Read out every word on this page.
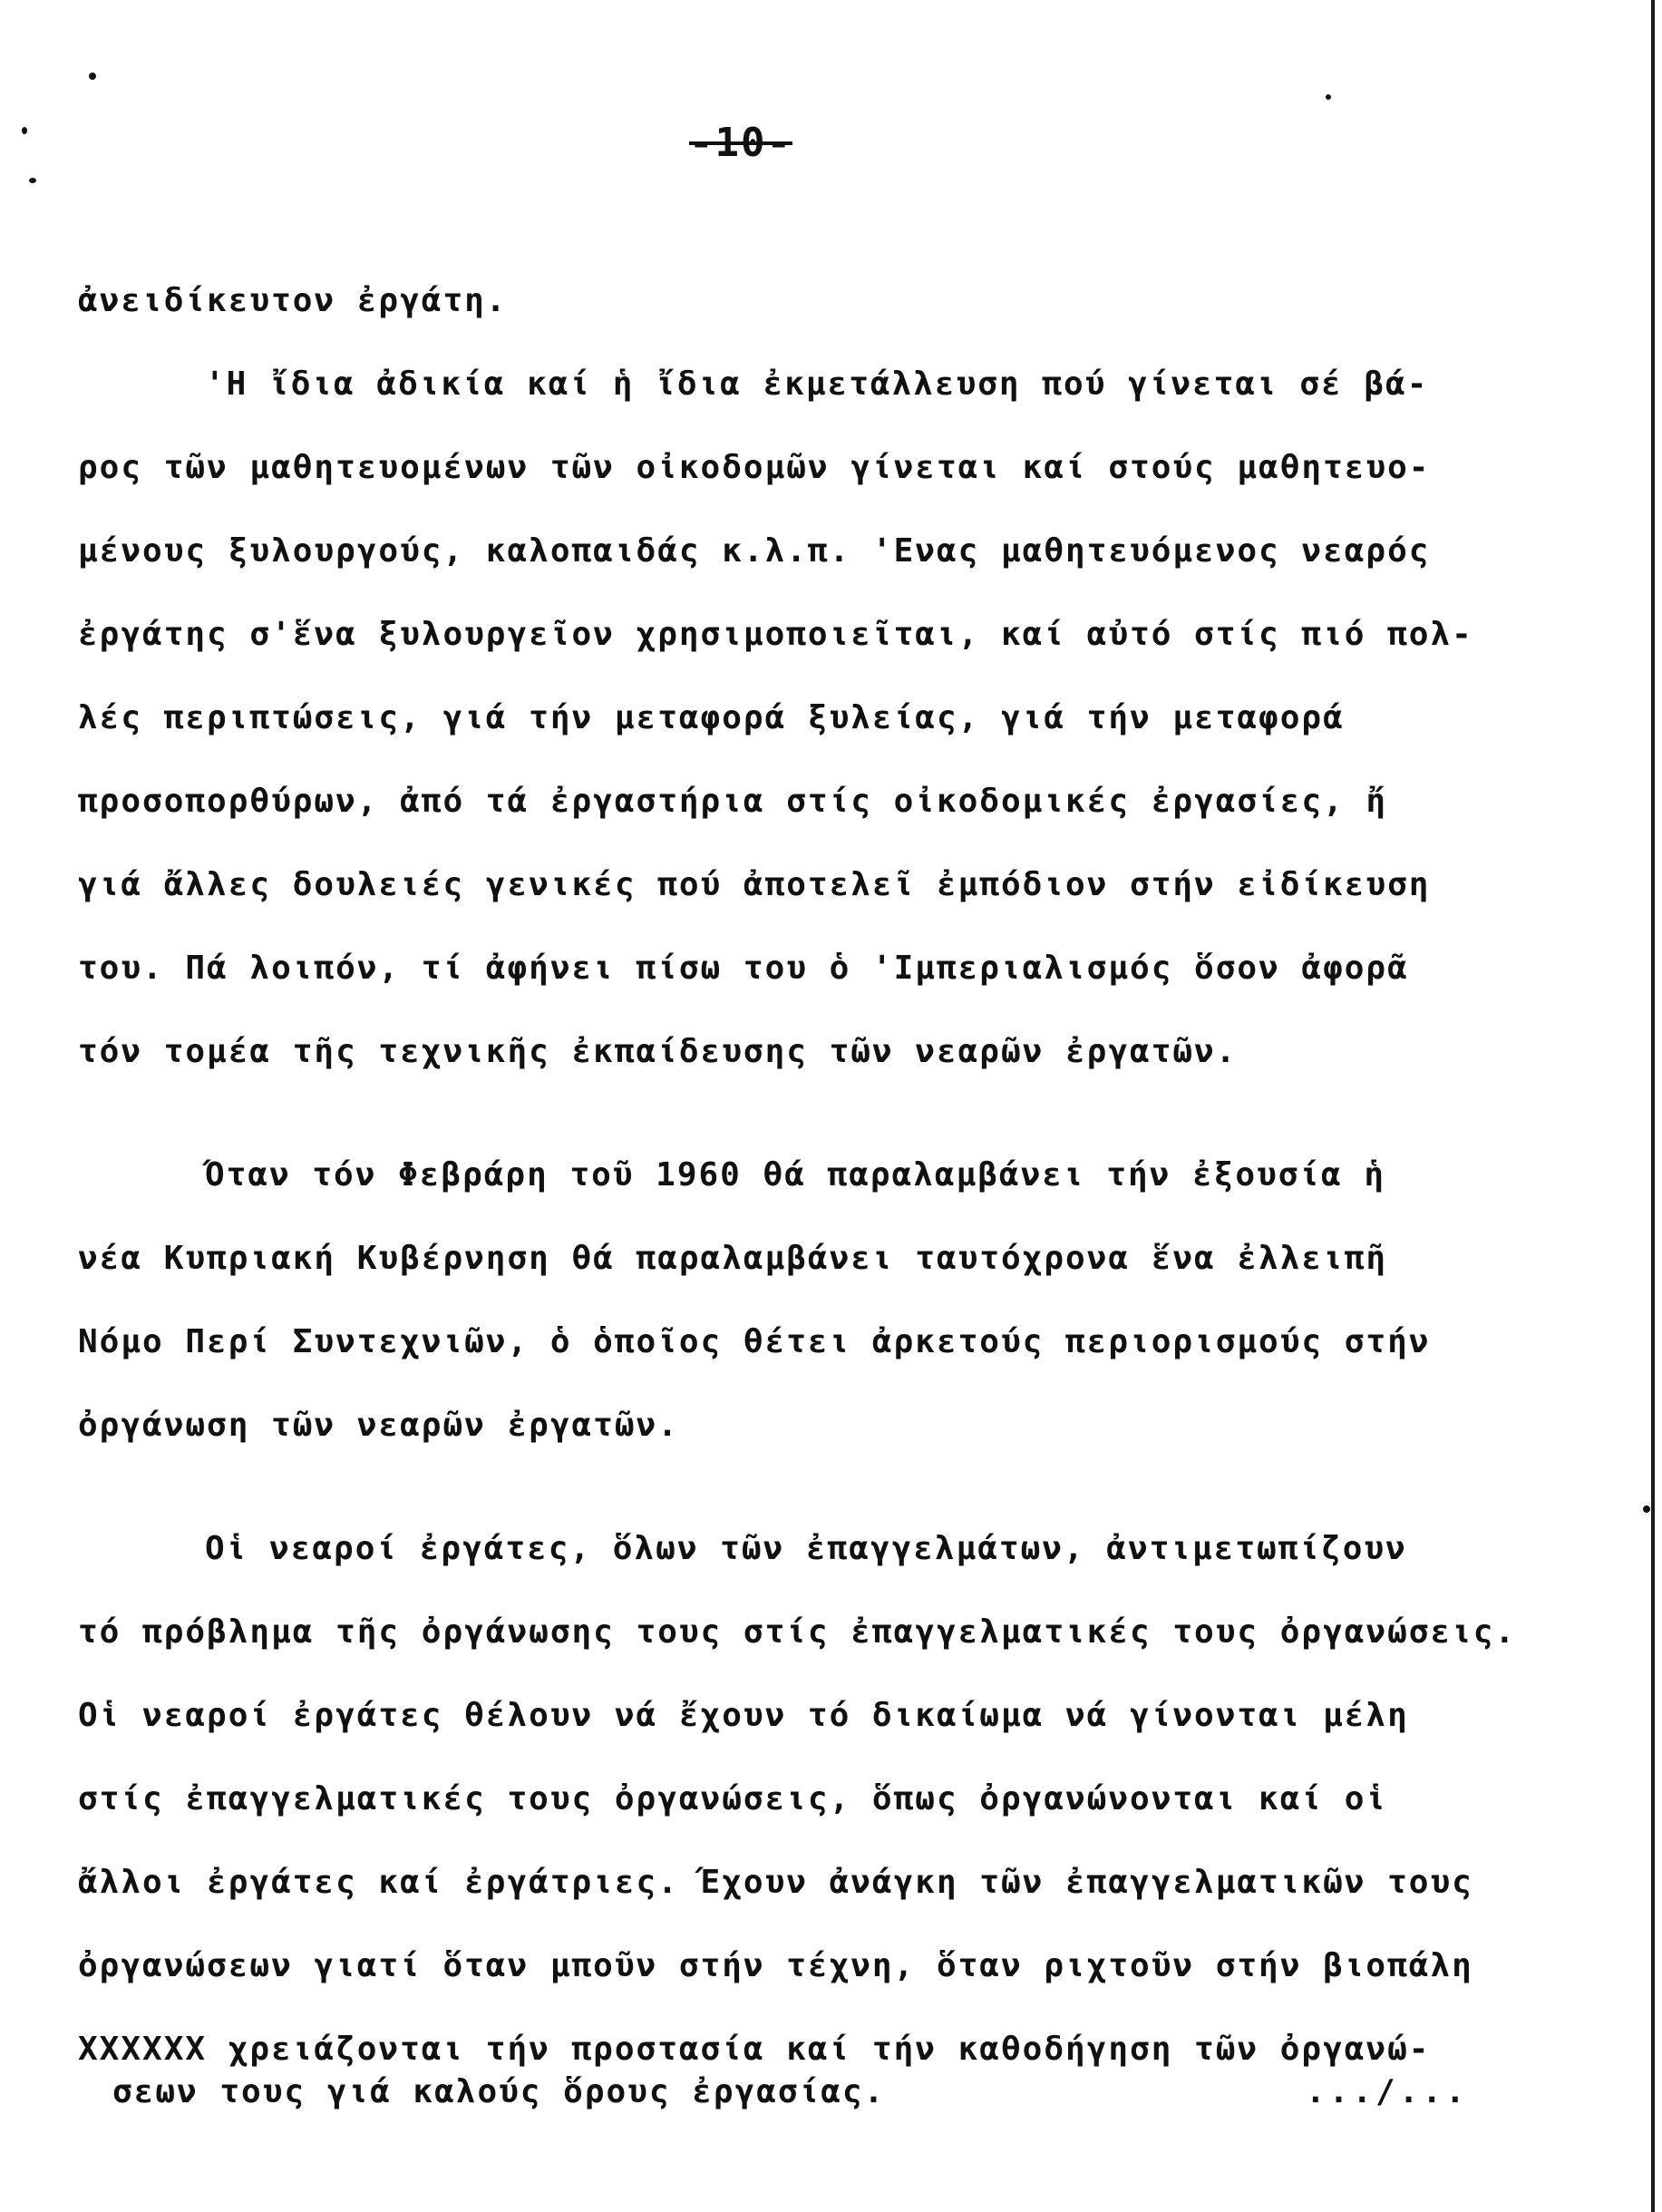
-10-
ἀνειδίκευτον ἐργάτη.
'Η ἴδια ἀδικία καί ἡ ἴδια ἐκμετάλλευση πού γίνεται σέ βά-
ρος τῶν μαθητευομένων τῶν οἰκοδομῶν γίνεται καί στούς μαθητευο-
μένους ξυλουργούς, καλοπαιδάς κ.λ.π. 'Ενας μαθητευόμενος νεαρός
ἐργάτης σ'ἕνα ξυλουργεῖον χρησιμοποιεῖται, καί αὐτό στίς πιό πολ-
λές περιπτώσεις, γιά τήν μεταφορά ξυλείας, γιά τήν μεταφορά
προσοπορθύρων, ἀπό τά ἐργαστήρια στίς οἰκοδομικές ἐργασίες, ἤ
γιά ἄλλες δουλειές γενικές πού ἀποτελεῖ ἐμπόδιον στήν εἰδίκευση
του. Πά λοιπόν, τί ἀφήνει πίσω του ὁ 'Ιμπεριαλισμός ὅσον ἀφορᾶ
τόν τομέα τῆς τεχνικῆς ἐκπαίδευσης τῶν νεαρῶν ἐργατῶν.
Όταν τόν Φεβράρη τοῦ 1960 θά παραλαμβάνει τήν ἐξουσία ἡ
νέα Κυπριακή Κυβέρνηση θά παραλαμβάνει ταυτόχρονα ἕνα ἐλλειπῆ
Νόμο Περί Συντεχνιῶν, ὁ ὁποῖος θέτει ἀρκετούς περιορισμούς στήν
ὀργάνωση τῶν νεαρῶν ἐργατῶν.
Οἱ νεαροί ἐργάτες, ὅλων τῶν ἐπαγγελμάτων, ἀντιμετωπίζουν
τό πρόβλημα τῆς ὀργάνωσης τους στίς ἐπαγγελματικές τους ὀργανώσεις.
Οἱ νεαροί ἐργάτες θέλουν νά ἔχουν τό δικαίωμα νά γίνονται μέλη
στίς ἐπαγγελματικές τους ὀργανώσεις, ὅπως ὀργανώνονται καί οἱ
ἄλλοι ἐργάτες καί ἐργάτριες. Έχουν ἀνάγκη τῶν ἐπαγγελματικῶν τους
ὀργανώσεων γιατί ὅταν μποῦν στήν τέχνη, ὅταν ριχτοῦν στήν βιοπάλη
XXXXXX χρειάζονται τήν προστασία καί τήν καθοδήγηση τῶν ὀργανώ-
σεων τους γιά καλούς ὅρους ἐργασίας.	.../...
